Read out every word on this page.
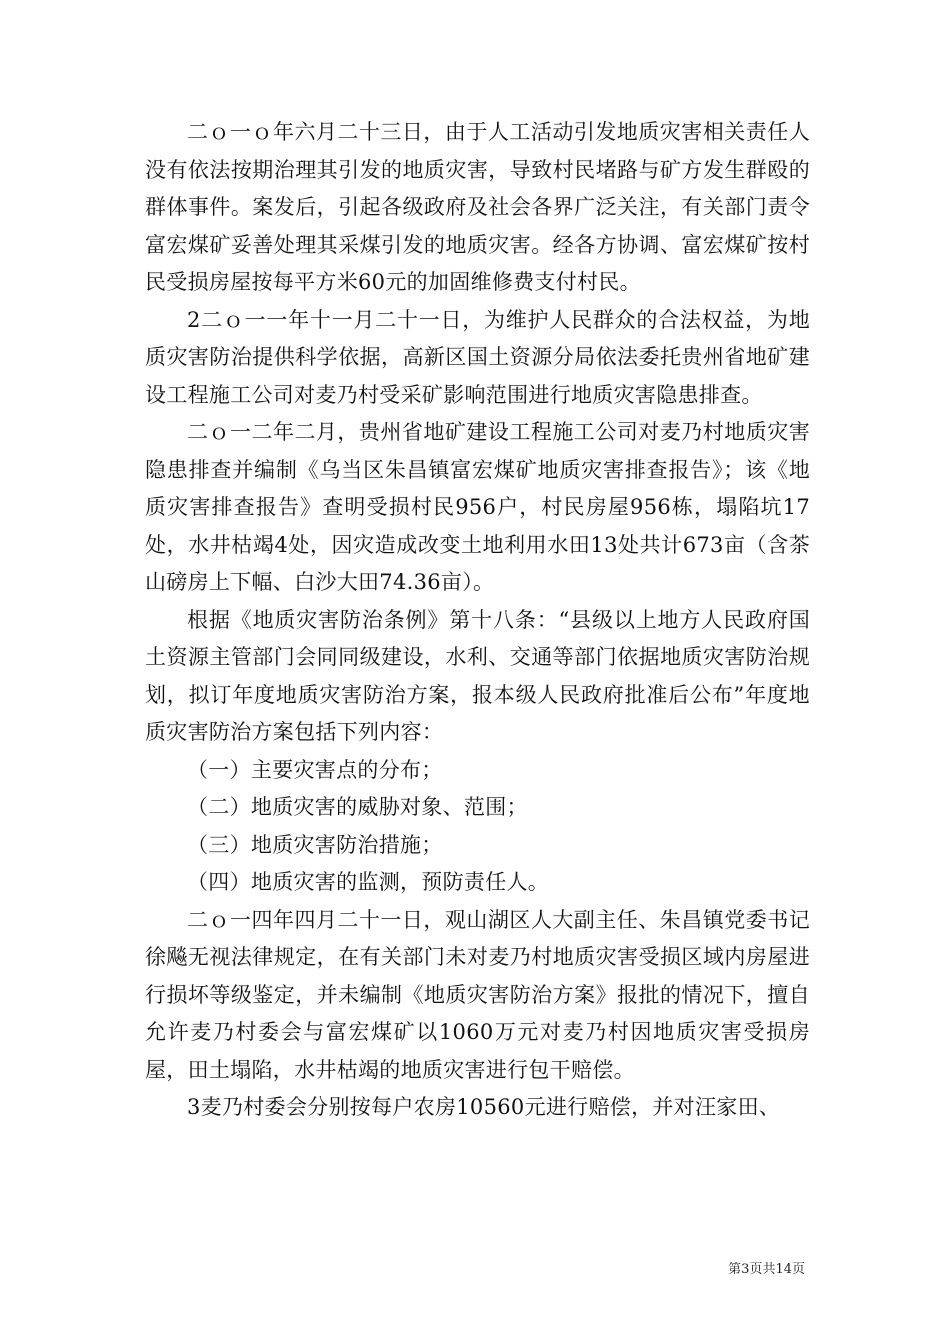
二ｏ一ｏ年六月二十三日，由于人工活动引发地质灾害相关责任人没有依法按期治理其引发的地质灾害，导致村民堵路与矿方发生群殴的群体事件。案发后，引起各级政府及社会各界广泛关注，有关部门责令富宏煤矿妥善处理其采煤引发的地质灾害。经各方协调、富宏煤矿按村民受损房屋按每平方米60元的加固维修费支付村民。

2二ｏ一一年十一月二十一日，为维护人民群众的合法权益，为地质灾害防治提供科学依据，高新区国土资源分局依法委托贵州省地矿建设工程施工公司对麦乃村受采矿影响范围进行地质灾害隐患排查。

二ｏ一二年二月，贵州省地矿建设工程施工公司对麦乃村地质灾害隐患排查并编制《乌当区朱昌镇富宏煤矿地质灾害排查报告》；该《地质灾害排查报告》查明受损村民956户，村民房屋956栋，塌陷坑17处，水井枯竭4处，因灾造成改变土地利用水田13处共计673亩（含茶山磅房上下幅、白沙大田74.36亩）。

根据《地质灾害防治条例》第十八条：“县级以上地方人民政府国土资源主管部门会同同级建设，水利、交通等部门依据地质灾害防治规划，拟订年度地质灾害防治方案，报本级人民政府批准后公布”年度地质灾害防治方案包括下列内容：

（一）主要灾害点的分布；

（二）地质灾害的威胁对象、范围；

（三）地质灾害防治措施；

（四）地质灾害的监测，预防责任人。

二ｏ一四年四月二十一日，观山湖区人大副主任、朱昌镇党委书记徐飚无视法律规定，在有关部门未对麦乃村地质灾害受损区域内房屋进行损坏等级鉴定，并未编制《地质灾害防治方案》报批的情况下，擅自允许麦乃村委会与富宏煤矿以1060万元对麦乃村因地质灾害受损房屋，田土塌陷，水井枯竭的地质灾害进行包干赔偿。

3麦乃村委会分别按每户农房10560元进行赔偿，并对汪家田、

第3页共14页
